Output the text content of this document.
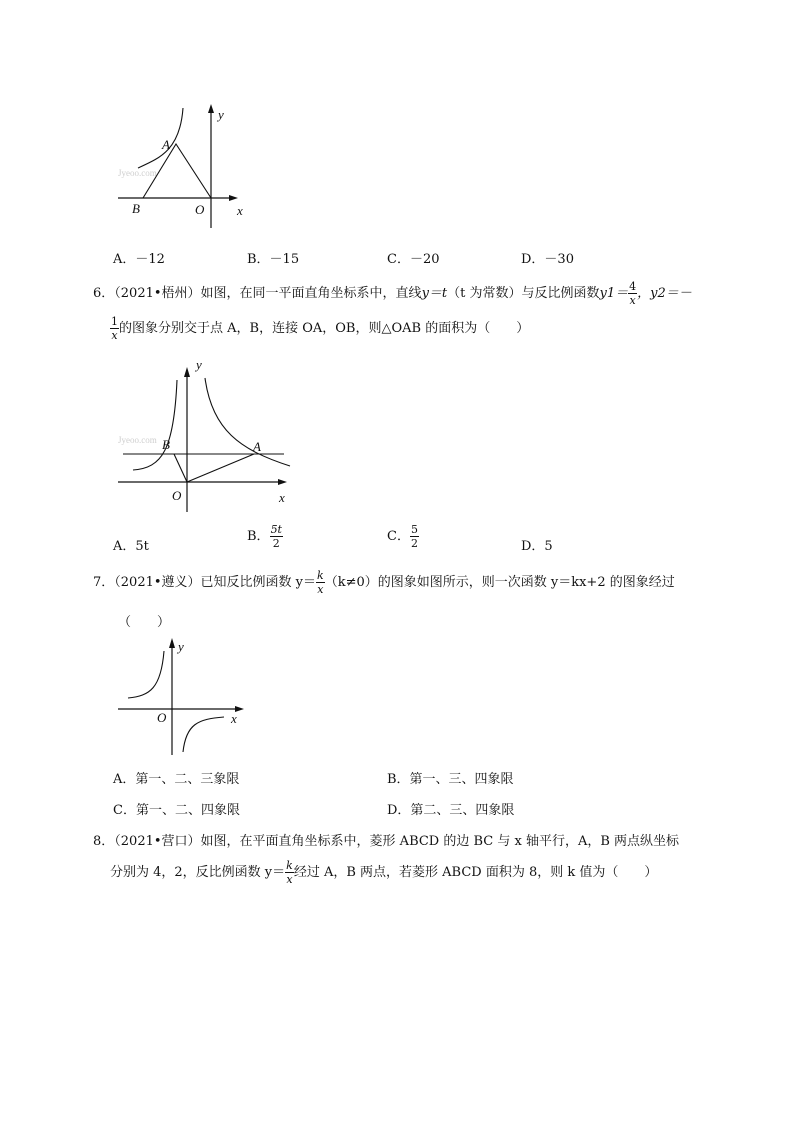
Jyeoo.com
y
A
B	O	x
A．－12	B．－15	C．－20	D．－30
6．（2021•梧州）如图，在同一平面直角坐标系中，直线y＝t（t 为常数）与反比例函数$y1= \frac{4}{x}$ ，y2＝－
$\frac{1}{x}$ 的图象分别交于点 A，B，连接 OA，OB，则△OAB 的面积为（　　）
Jyeoo.com
y
B	A
O	x
A．5t
B． $\frac{5t}{2}$	C． $\frac{5}{2}$	D．5
7．（2021•遵义）已知反比例函数 $y= \frac{k}{x} (k\ne 0)$的图象如图所示，则一次函数 y＝kx+2 的图象经过
（　　）
y
O	x
A．第一、二、三象限	B．第一、三、四象限
C．第一、二、四象限	D．第二、三、四象限
8．（2021•营口）如图，在平面直角坐标系中，菱形 ABCD 的边 BC 与 x 轴平行，A，B 两点纵坐标
分别为 4，2，反比例函数 $y= \frac{k}{x}$ 经过 A，B 两点，若菱形 ABCD 面积为 8，则 k 值为（　　）
